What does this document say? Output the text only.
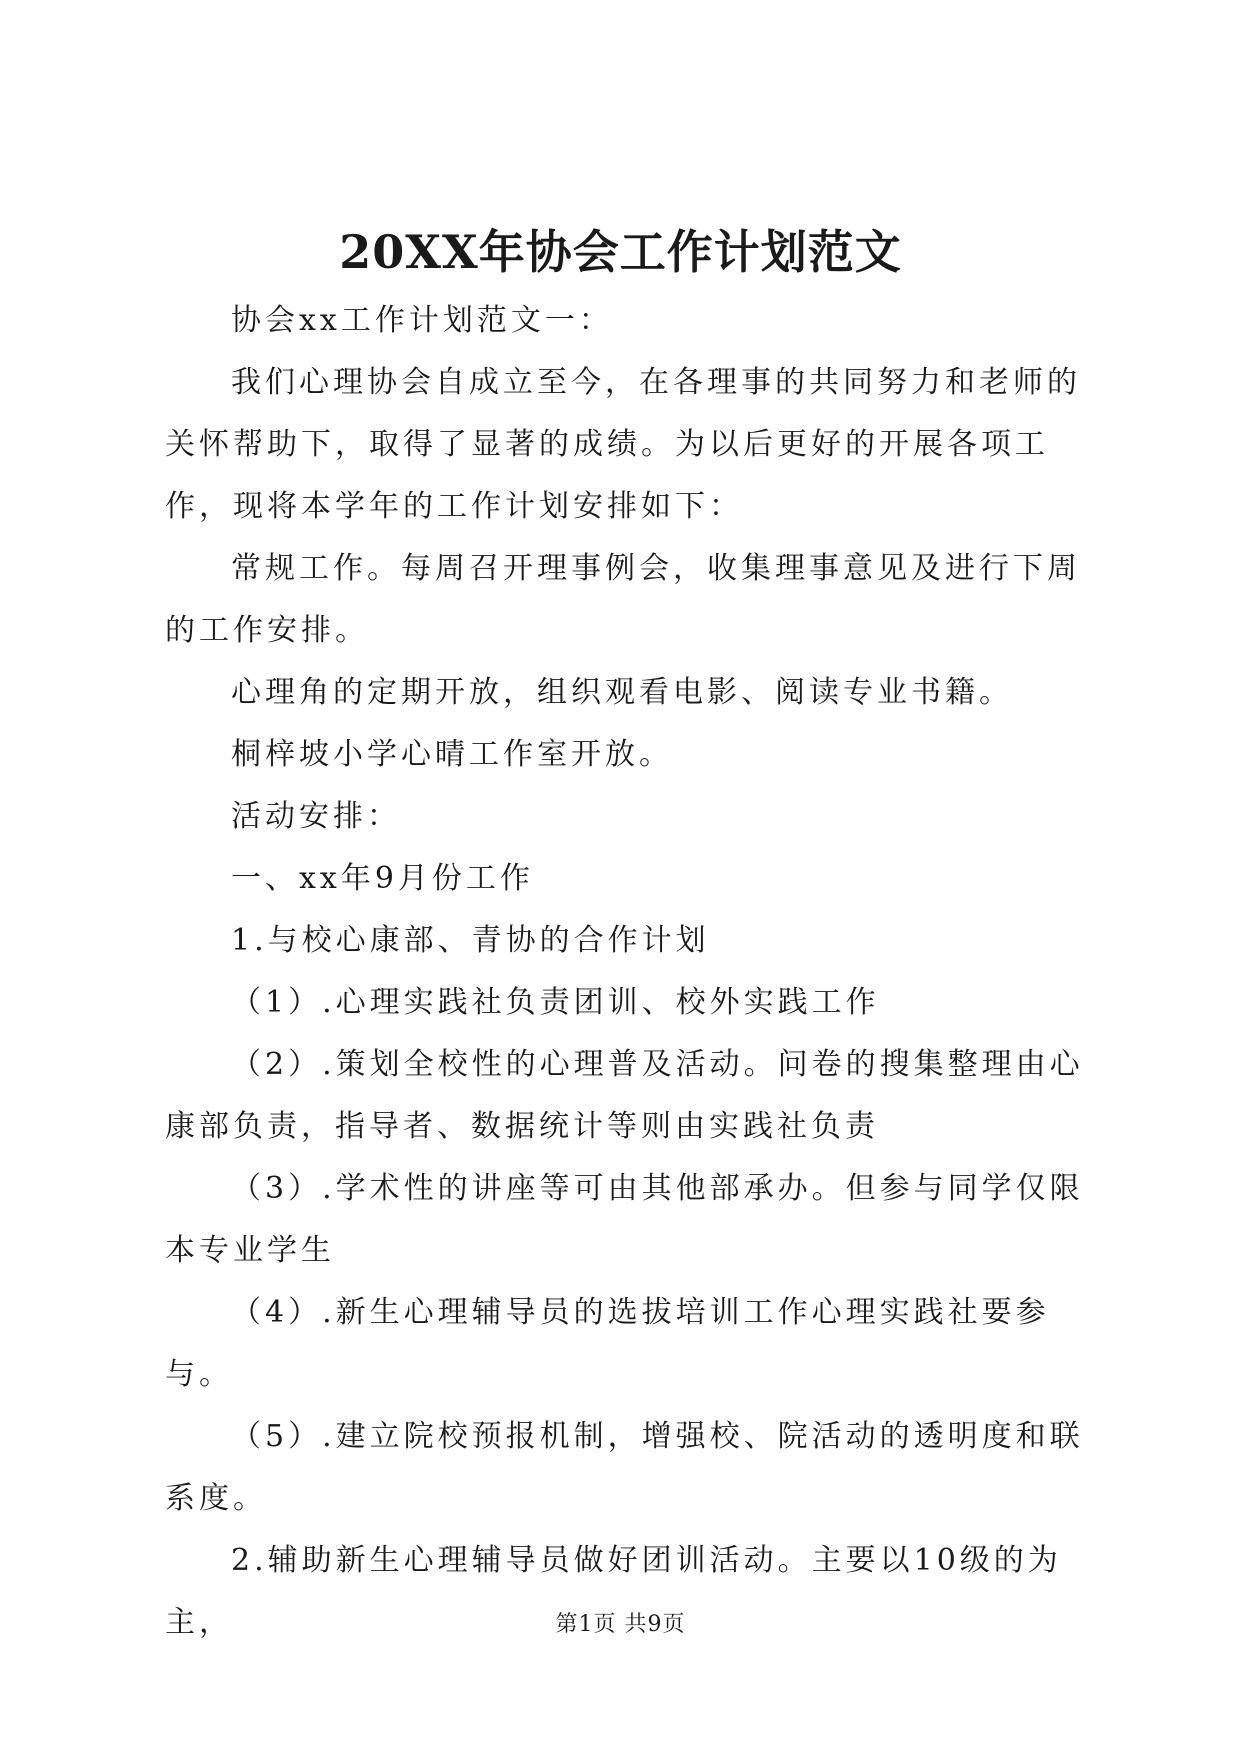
20XX年协会工作计划范文

协会xx工作计划范文一：

我们心理协会自成立至今，在各理事的共同努力和老师的关怀帮助下，取得了显著的成绩。为以后更好的开展各项工作，现将本学年的工作计划安排如下：

常规工作。每周召开理事例会，收集理事意见及进行下周的工作安排。

心理角的定期开放，组织观看电影、阅读专业书籍。

桐梓坡小学心晴工作室开放。

活动安排：

一、xx年9月份工作

1.与校心康部、青协的合作计划

（1）.心理实践社负责团训、校外实践工作

（2）.策划全校性的心理普及活动。问卷的搜集整理由心康部负责，指导者、数据统计等则由实践社负责

（3）.学术性的讲座等可由其他部承办。但参与同学仅限本专业学生

（4）.新生心理辅导员的选拔培训工作心理实践社要参与。

（5）.建立院校预报机制，增强校、院活动的透明度和联系度。

2.辅助新生心理辅导员做好团训活动。主要以10级的为主，	第1页 共9页
